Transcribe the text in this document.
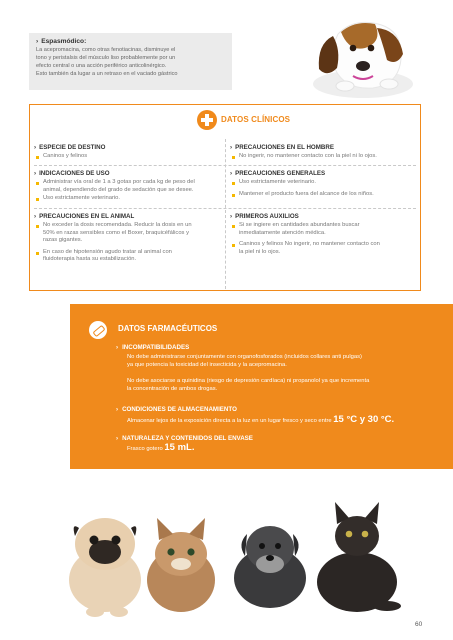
› Espasmódico:
La acepromacina, como otras fenotiacinas, disminuye el
tono y peristalsis del músculo liso probablemente por un
efecto central o una acción periférico anticolinérgico.
Esto también da lugar a un retraso en el vaciado gástrico
DATOS CLÍNICOS
› ESPECIE DE DESTINO
Caninos y felinos
› INDICACIONES DE USO
Administrar vía oral de 1 a 3 gotas por cada kg de peso del
animal, dependiendo del grado de sedación que se desee.
Uso estrictamente veterinario.
› PRECAUCIONES EN EL ANIMAL
No exceder la dosis recomendada. Reducir la dosis en un
50% en razas sensibles como el Boxer, braquicéfálicos y
razas gigantes.
En caso de hipotensión agudo tratar al animal con
fluidoterapia hasta su estabilización.
› PRECAUCIONES EN EL HOMBRE
No ingerir, no mantener contacto con la piel ni lo ojos.
› PRECAUCIONES GENERALES
Uso estrictamente veterinario.
Mantener el producto fuera del alcance de los niños.
› PRIMEROS AUXILIOS
Si se ingiere en cantidades abundantes buscar
inmediatamente atención médica.
Caninos y felinos No ingerir, no mantener contacto con
la piel ni lo ojos.
DATOS FARMACÉUTICOS
› INCOMPATIBILIDADES
No debe administrarse conjuntamente con organofosforados (incluidos collares anti pulgas)
ya que potencia la toxicidad del insecticida y la acepromacina.
No debe asociarse a quinidina (riesgo de depresión cardíaca) ni propanolol ya que incrementa
la concentración de ambos drogas.
› CONDICIONES DE ALMACENAMIENTO
Almacenar lejos de la exposición directa a la luz en un lugar fresco y seco entre 15 °C y 30 °C.
› NATURALEZA Y CONTENIDOS DEL ENVASE
Frasco gotero 15 mL.
60
